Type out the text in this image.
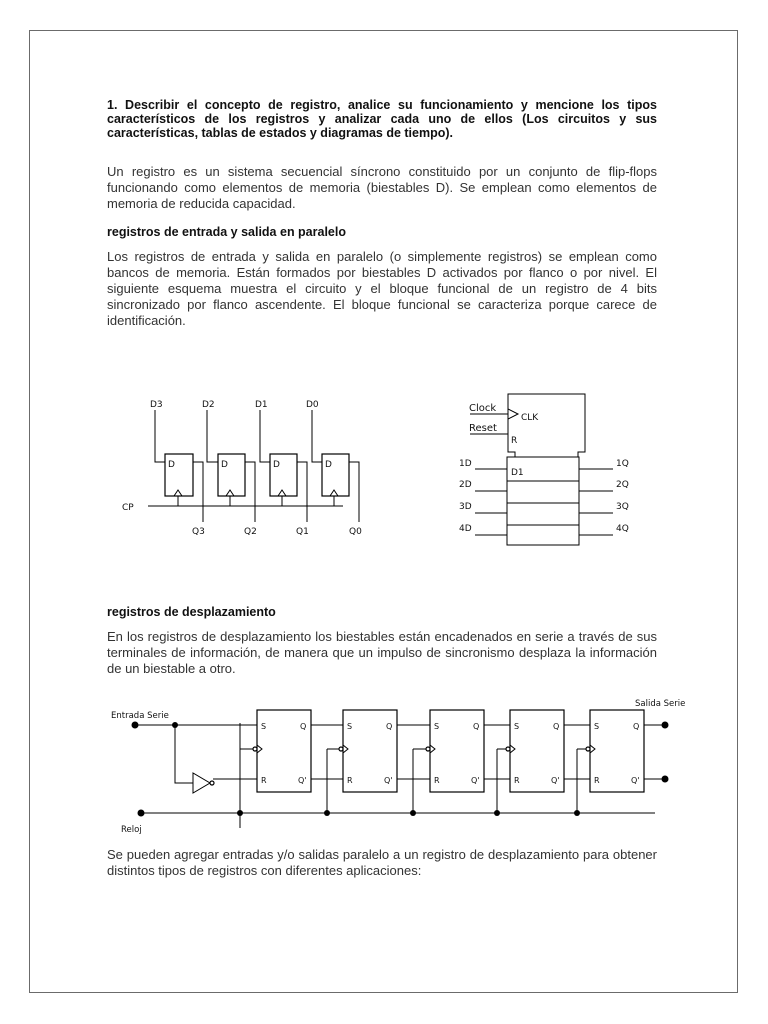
1. Describir el concepto de registro, analice su funcionamiento y mencione los tipos característicos de los registros y analizar cada uno de ellos (Los circuitos y sus características, tablas de estados y diagramas de tiempo).
Un registro es un sistema secuencial síncrono constituido por un conjunto de flip-flops funcionando como elementos de memoria (biestables D). Se emplean como elementos de memoria de reducida capacidad.
registros de entrada y salida en paralelo
Los registros de entrada y salida en paralelo (o simplemente registros) se emplean como bancos de memoria. Están formados por biestables D activados por flanco o por nivel. El siguiente esquema muestra el circuito y el bloque funcional de un registro de 4 bits sincronizado por flanco ascendente. El bloque funcional se caracteriza porque carece de identificación.
D	D	D	D
D3	D2	D1	D0
Q3	Q2	Q1	Q0
CP
Clock
Reset
CLK
R
D1
1D
2D
3D
4D
1Q
2Q
3Q
4Q
registros de desplazamiento
En los registros de desplazamiento los biestables están encadenados en serie a través de sus terminales de información, de manera que un impulso de sincronismo desplaza la información de un biestable a otro.
S	Q
R	Q'
S	Q
R	Q'
S	Q
R	Q'
S	Q
R	Q'
S	Q
R	Q'
Entrada Serie
Salida Serie
Reloj
Se pueden agregar entradas y/o salidas paralelo a un registro de desplazamiento para obtener distintos tipos de registros con diferentes aplicaciones:
